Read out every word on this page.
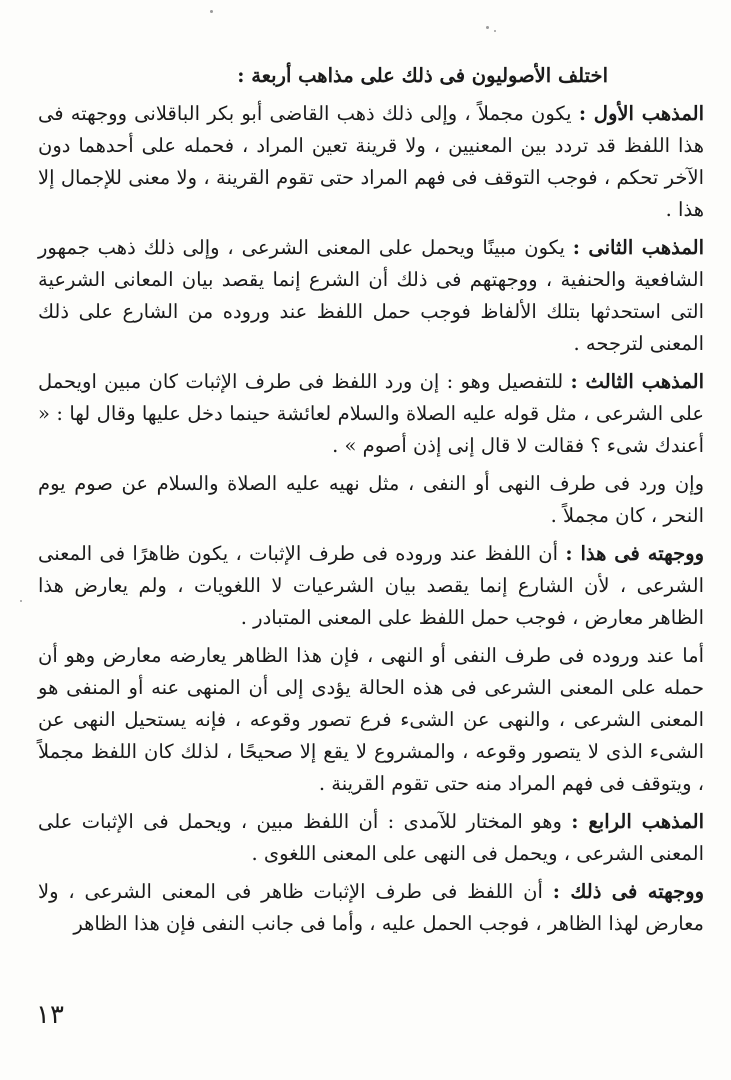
اختلف الأصوليون فى ذلك على مذاهب أربعة :

المذهب الأول : يكون مجملاً ، وإلى ذلك ذهب القاضى أبو بكر الباقلانى ووجهته فى هذا اللفظ قد تردد بين المعنيين ، ولا قرينة تعين المراد ، فحمله على أحدهما دون الآخر تحكم ، فوجب التوقف فى فهم المراد حتى تقوم القرينة ، ولا معنى للإجمال إلا هذا .

المذهب الثانى : يكون مبينًا ويحمل على المعنى الشرعى ، وإلى ذلك ذهب جمهور الشافعية والحنفية ، ووجهتهم فى ذلك أن الشرع إنما يقصد بيان المعانى الشرعية التى استحدثها بتلك الألفاظ فوجب حمل اللفظ عند وروده من الشارع على ذلك المعنى لترجحه .

المذهب الثالث : للتفصيل وهو : إن ورد اللفظ فى طرف الإثبات كان مبين اويحمل على الشرعى ، مثل قوله عليه الصلاة والسلام لعائشة حينما دخل عليها وقال لها : « أعندك شىء ؟ فقالت لا قال إنى إذن أصوم » .

وإن ورد فى طرف النهى أو النفى ، مثل نهيه عليه الصلاة والسلام عن صوم يوم النحر ، كان مجملاً .

ووجهته فى هذا : أن اللفظ عند وروده فى طرف الإثبات ، يكون ظاهرًا فى المعنى الشرعى ، لأن الشارع إنما يقصد بيان الشرعيات لا اللغويات ، ولم يعارض هذا الظاهر معارض ، فوجب حمل اللفظ على المعنى المتبادر .

أما عند وروده فى طرف النفى أو النهى ، فإن هذا الظاهر يعارضه معارض وهو أن حمله على المعنى الشرعى فى هذه الحالة يؤدى إلى أن المنهى عنه أو المنفى هو المعنى الشرعى ، والنهى عن الشىء فرع تصور وقوعه ، فإنه يستحيل النهى عن الشىء الذى لا يتصور وقوعه ، والمشروع لا يقع إلا صحيحًا ، لذلك كان اللفظ مجملاً ، ويتوقف فى فهم المراد منه حتى تقوم القرينة .

المذهب الرابع : وهو المختار للآمدى : أن اللفظ مبين ، ويحمل فى الإثبات على المعنى الشرعى ، ويحمل فى النهى على المعنى اللغوى .

ووجهته فى ذلك : أن اللفظ فى طرف الإثبات ظاهر فى المعنى الشرعى ، ولا معارض لهذا الظاهر ، فوجب الحمل عليه ، وأما فى جانب النفى فإن هذا الظاهر

١٣
